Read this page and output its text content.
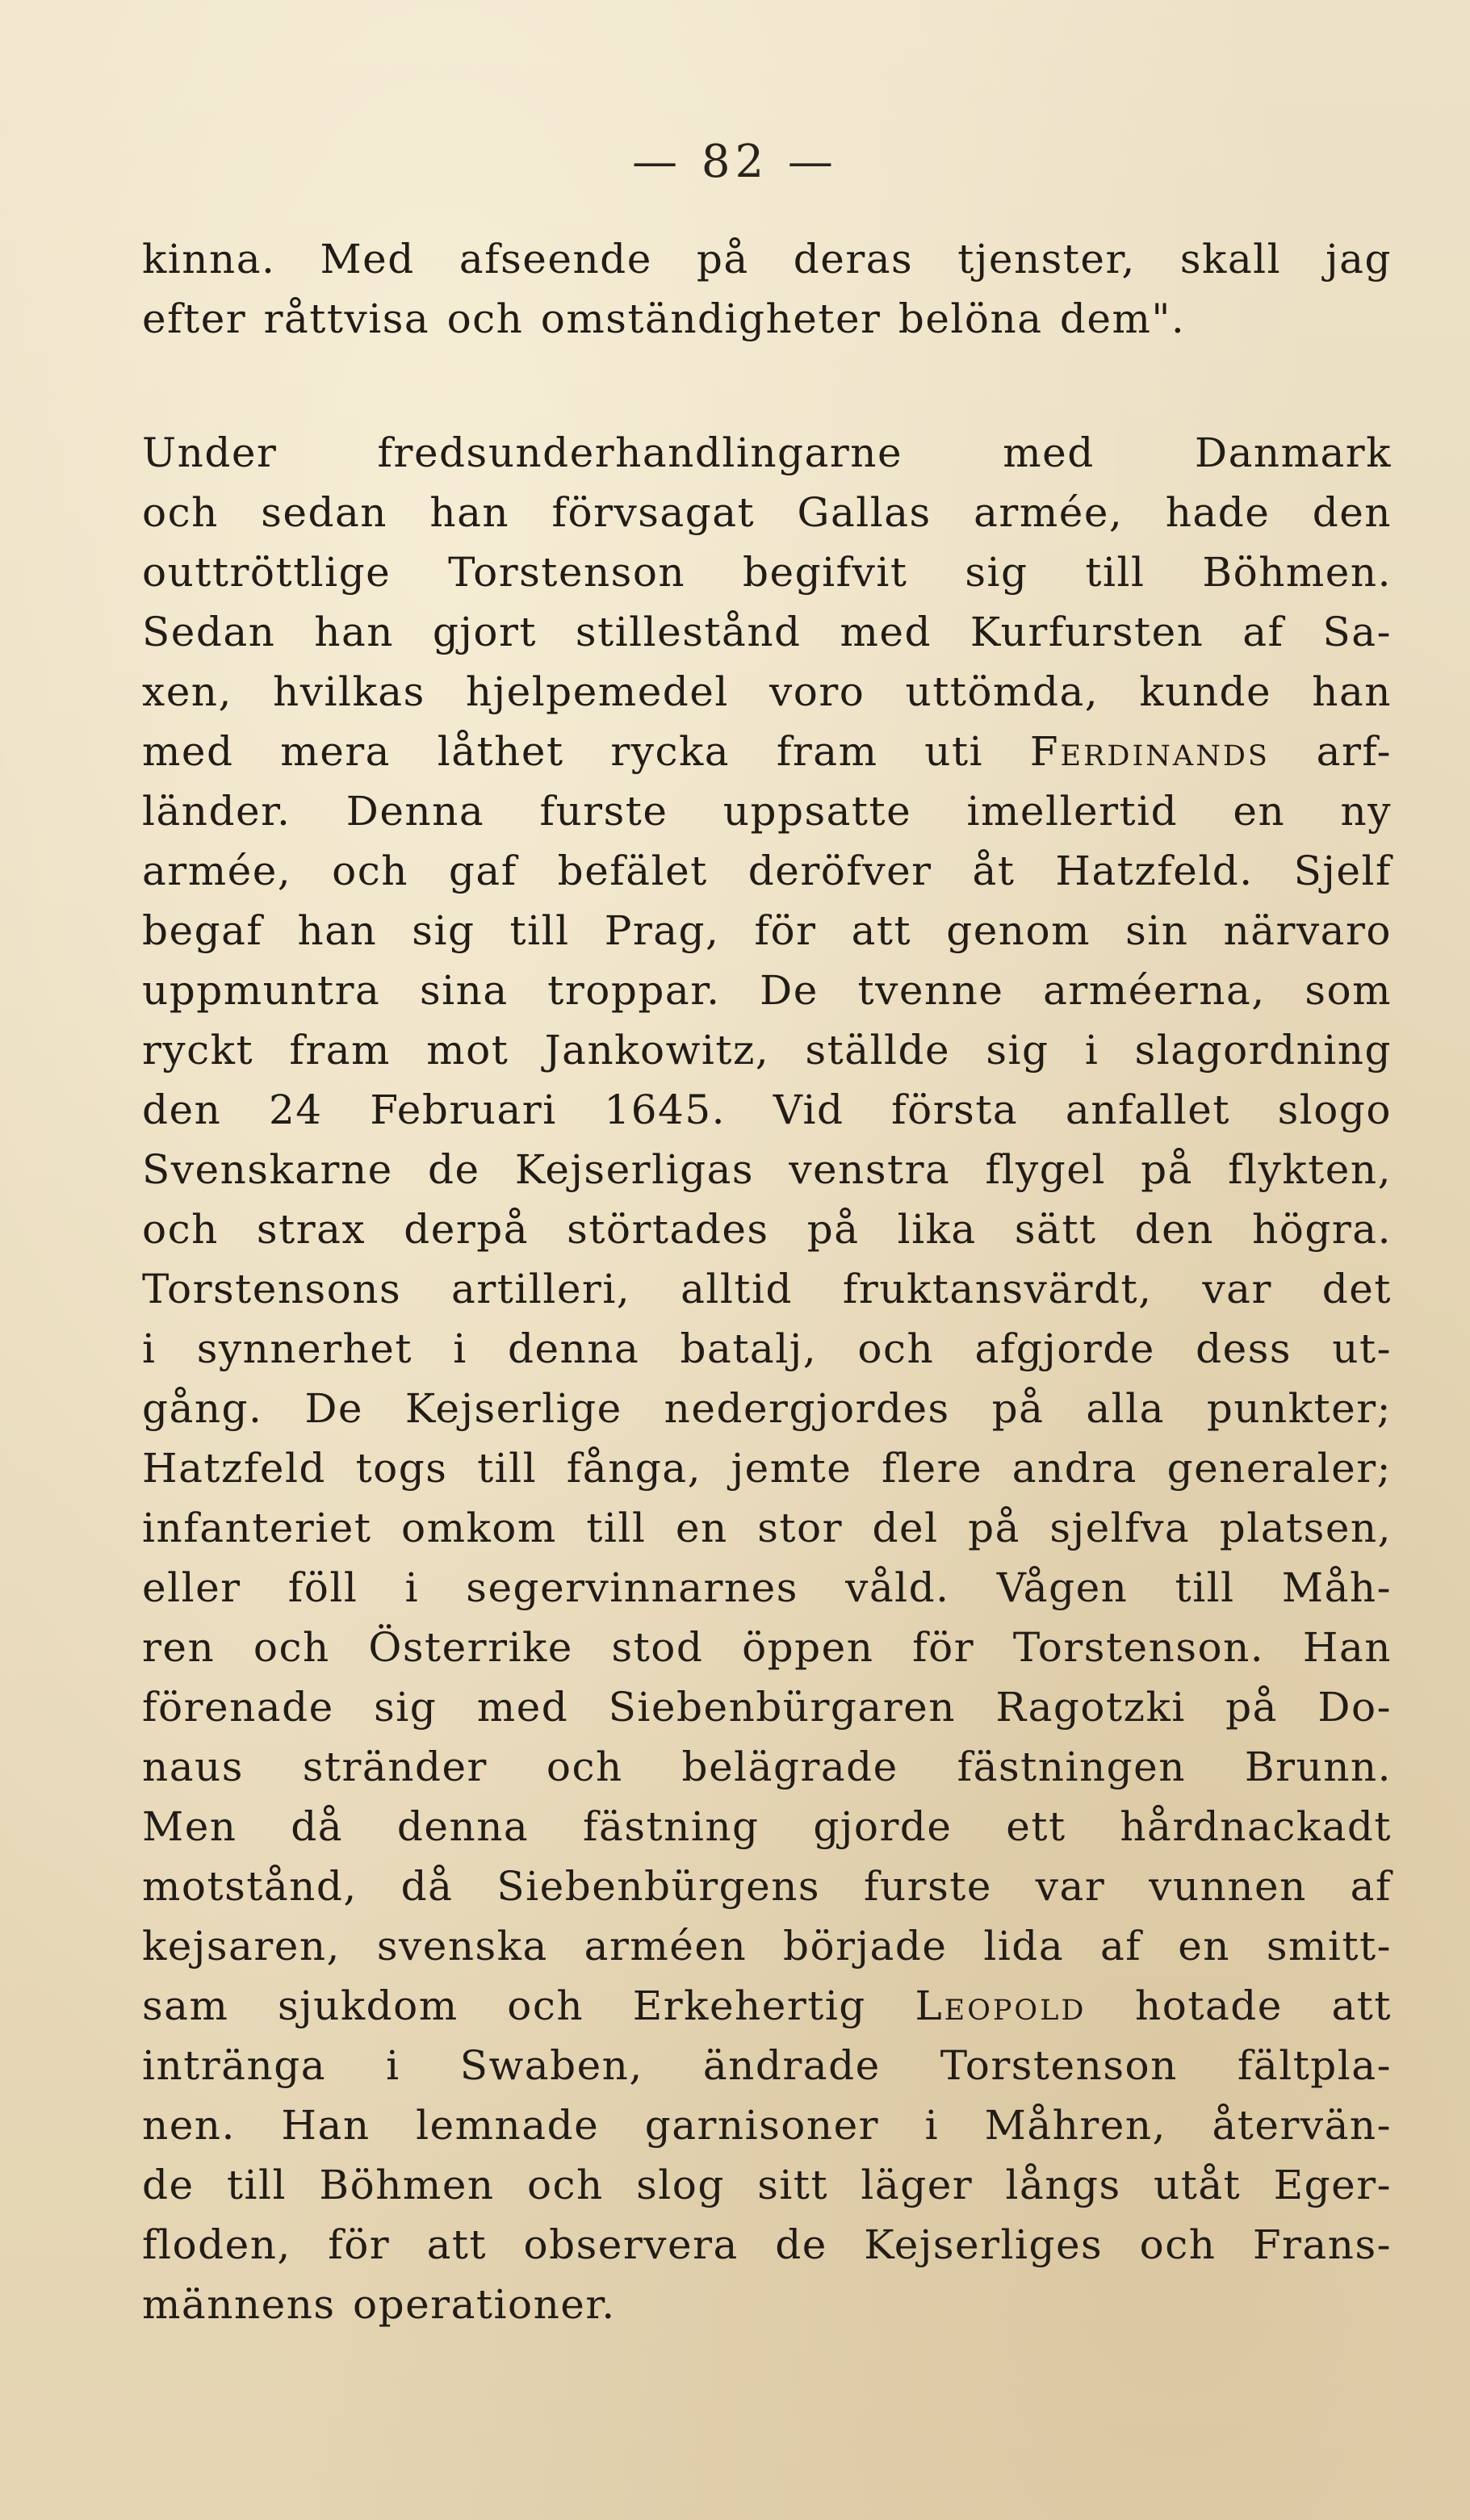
— 82 —
kinna. Med afseende på deras tjenster, skall jag
efter råttvisa och omständigheter belöna dem".
Under fredsunderhandlingarne med Danmark
och sedan han förvsagat Gallas armée, hade den
outtröttlige Torstenson begifvit sig till Böhmen.
Sedan han gjort stillestånd med Kurfursten af Sa-
xen, hvilkas hjelpemedel voro uttömda, kunde han
med mera låthet rycka fram uti Ferdinands arf-
länder. Denna furste uppsatte imellertid en ny
armée, och gaf befälet deröfver åt Hatzfeld. Sjelf
begaf han sig till Prag, för att genom sin närvaro
uppmuntra sina troppar. De tvenne arméerna, som
ryckt fram mot Jankowitz, ställde sig i slagordning
den 24 Februari 1645. Vid första anfallet slogo
Svenskarne de Kejserligas venstra flygel på flykten,
och strax derpå störtades på lika sätt den högra.
Torstensons artilleri, alltid fruktansvärdt, var det
i synnerhet i denna batalj, och afgjorde dess ut-
gång. De Kejserlige nedergjordes på alla punkter;
Hatzfeld togs till fånga, jemte flere andra generaler;
infanteriet omkom till en stor del på sjelfva platsen,
eller föll i segervinnarnes våld. Vågen till Måh-
ren och Österrike stod öppen för Torstenson. Han
förenade sig med Siebenbürgaren Ragotzki på Do-
naus stränder och belägrade fästningen Brunn.
Men då denna fästning gjorde ett hårdnackadt
motstånd, då Siebenbürgens furste var vunnen af
kejsaren, svenska arméen började lida af en smitt-
sam sjukdom och Erkehertig Leopold hotade att
inträngа i Swaben, ändrade Torstenson fältpla-
nen. Han lemnade garnisoner i Måhren, återvän-
de till Böhmen och slog sitt läger långs utåt Eger-
floden, för att observera de Kejserliges och Frans-
männens operationer.
